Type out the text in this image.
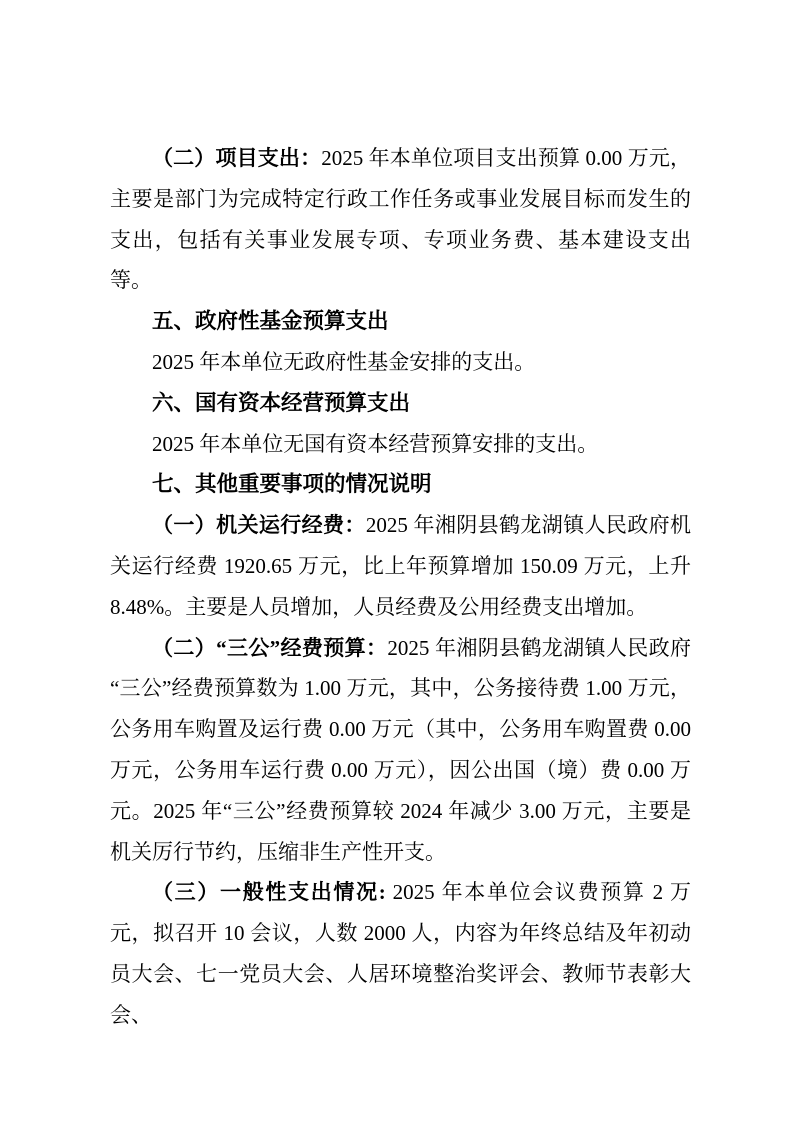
（二）项目支出：2025 年本单位项目支出预算 0.00 万元，主要是部门为完成特定行政工作任务或事业发展目标而发生的支出，包括有关事业发展专项、专项业务费、基本建设支出等。

五、政府性基金预算支出

2025 年本单位无政府性基金安排的支出。

六、国有资本经营预算支出

2025 年本单位无国有资本经营预算安排的支出。

七、其他重要事项的情况说明

（一）机关运行经费：2025 年湘阴县鹤龙湖镇人民政府机关运行经费 1920.65 万元，比上年预算增加 150.09 万元，上升 8.48%。主要是人员增加，人员经费及公用经费支出增加。

（二）“三公”经费预算：2025 年湘阴县鹤龙湖镇人民政府“三公”经费预算数为 1.00 万元，其中，公务接待费 1.00 万元，公务用车购置及运行费 0.00 万元（其中，公务用车购置费 0.00 万元，公务用车运行费 0.00 万元），因公出国（境）费 0.00 万元。2025 年“三公”经费预算较 2024 年减少 3.00 万元，主要是机关厉行节约，压缩非生产性开支。

（三）一般性支出情况: 2025 年本单位会议费预算 2 万元，拟召开 10 会议，人数 2000 人，内容为年终总结及年初动员大会、七一党员大会、人居环境整治奖评会、教师节表彰大会、
